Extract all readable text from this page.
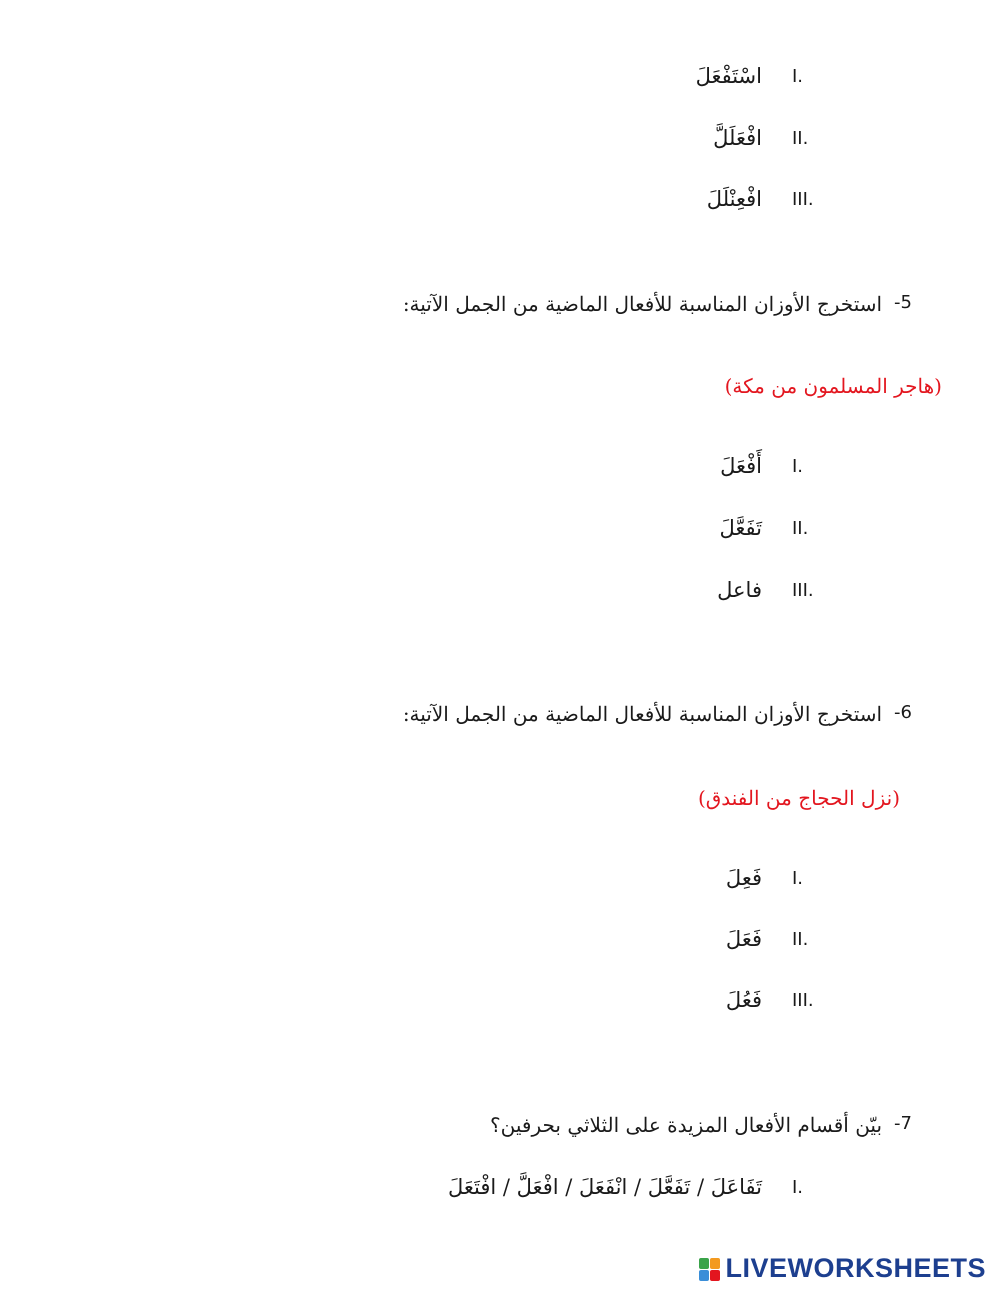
I.
اسْتَفْعَلَ
II.
افْعَلَلَّ
III.
افْعِنْلَلَ
5-
استخرج الأوزان المناسبة للأفعال الماضية من الجمل الآتية:
(هاجر المسلمون من مكة)
I.
أَفْعَلَ
II.
تَفَعَّلَ
III.
فاعل
6-
استخرج الأوزان المناسبة للأفعال الماضية من الجمل الآتية:
(نزل الحجاج من الفندق)
I.
فَعِلَ
II.
فَعَلَ
III.
فَعُلَ
7-
بيّن أقسام الأفعال المزيدة على الثلاثي بحرفين؟
I.
تَفَاعَلَ / تَفَعَّلَ / انْفَعَلَ / افْعَلَّ / افْتَعَلَ
LIVEWORKSHEETS
